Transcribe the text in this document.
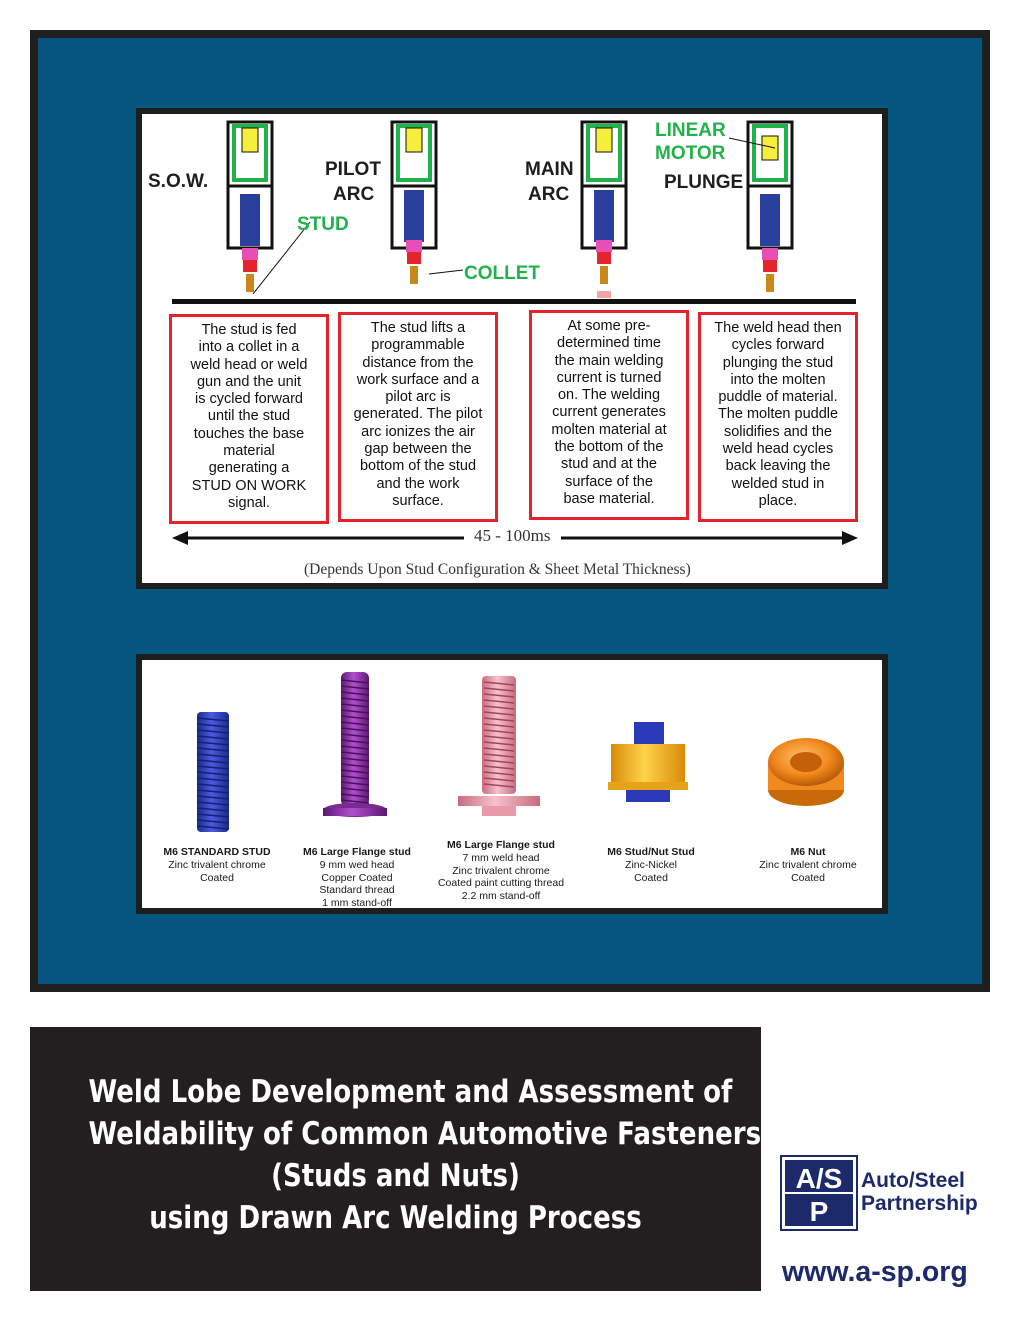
S.O.W.
PILOT
ARC
MAIN
ARC
PLUNGE
LINEAR
MOTOR
STUD
COLLET
The stud is fed
into a collet in a
weld head or weld
gun and the unit
is cycled forward
until the stud
touches the base
material
generating a
STUD ON WORK
signal.
The stud lifts a
programmable
distance from the
work surface and a
pilot arc is
generated. The pilot
arc ionizes the air
gap between the
bottom of the stud
and the work
surface.
At some pre-
determined time
the main welding
current is turned
on. The welding
current generates
molten material at
the bottom of the
stud and at the
surface of the
base material.
The weld head then
cycles forward
plunging the stud
into the molten
puddle of material.
The molten puddle
solidifies and the
weld head cycles
back leaving the
welded stud in
place.
45 - 100ms
(Depends Upon Stud Configuration & Sheet Metal Thickness)
M6 STANDARD STUD
Zinc trivalent chrome
Coated
M6 Large Flange stud
9 mm wed head
Copper Coated
Standard thread
1 mm stand-off
M6 Large Flange stud
7 mm weld head
Zinc trivalent chrome
Coated paint cutting thread
2.2 mm stand-off
M6 Stud/Nut Stud
Zinc-Nickel
Coated
M6 Nut
Zinc trivalent chrome
Coated
Weld Lobe Development and Assessment of
Weldability of Common Automotive Fasteners
(Studs and Nuts)
using Drawn Arc Welding Process
A/S
P
Auto/Steel
Partnership
www.a-sp.org
